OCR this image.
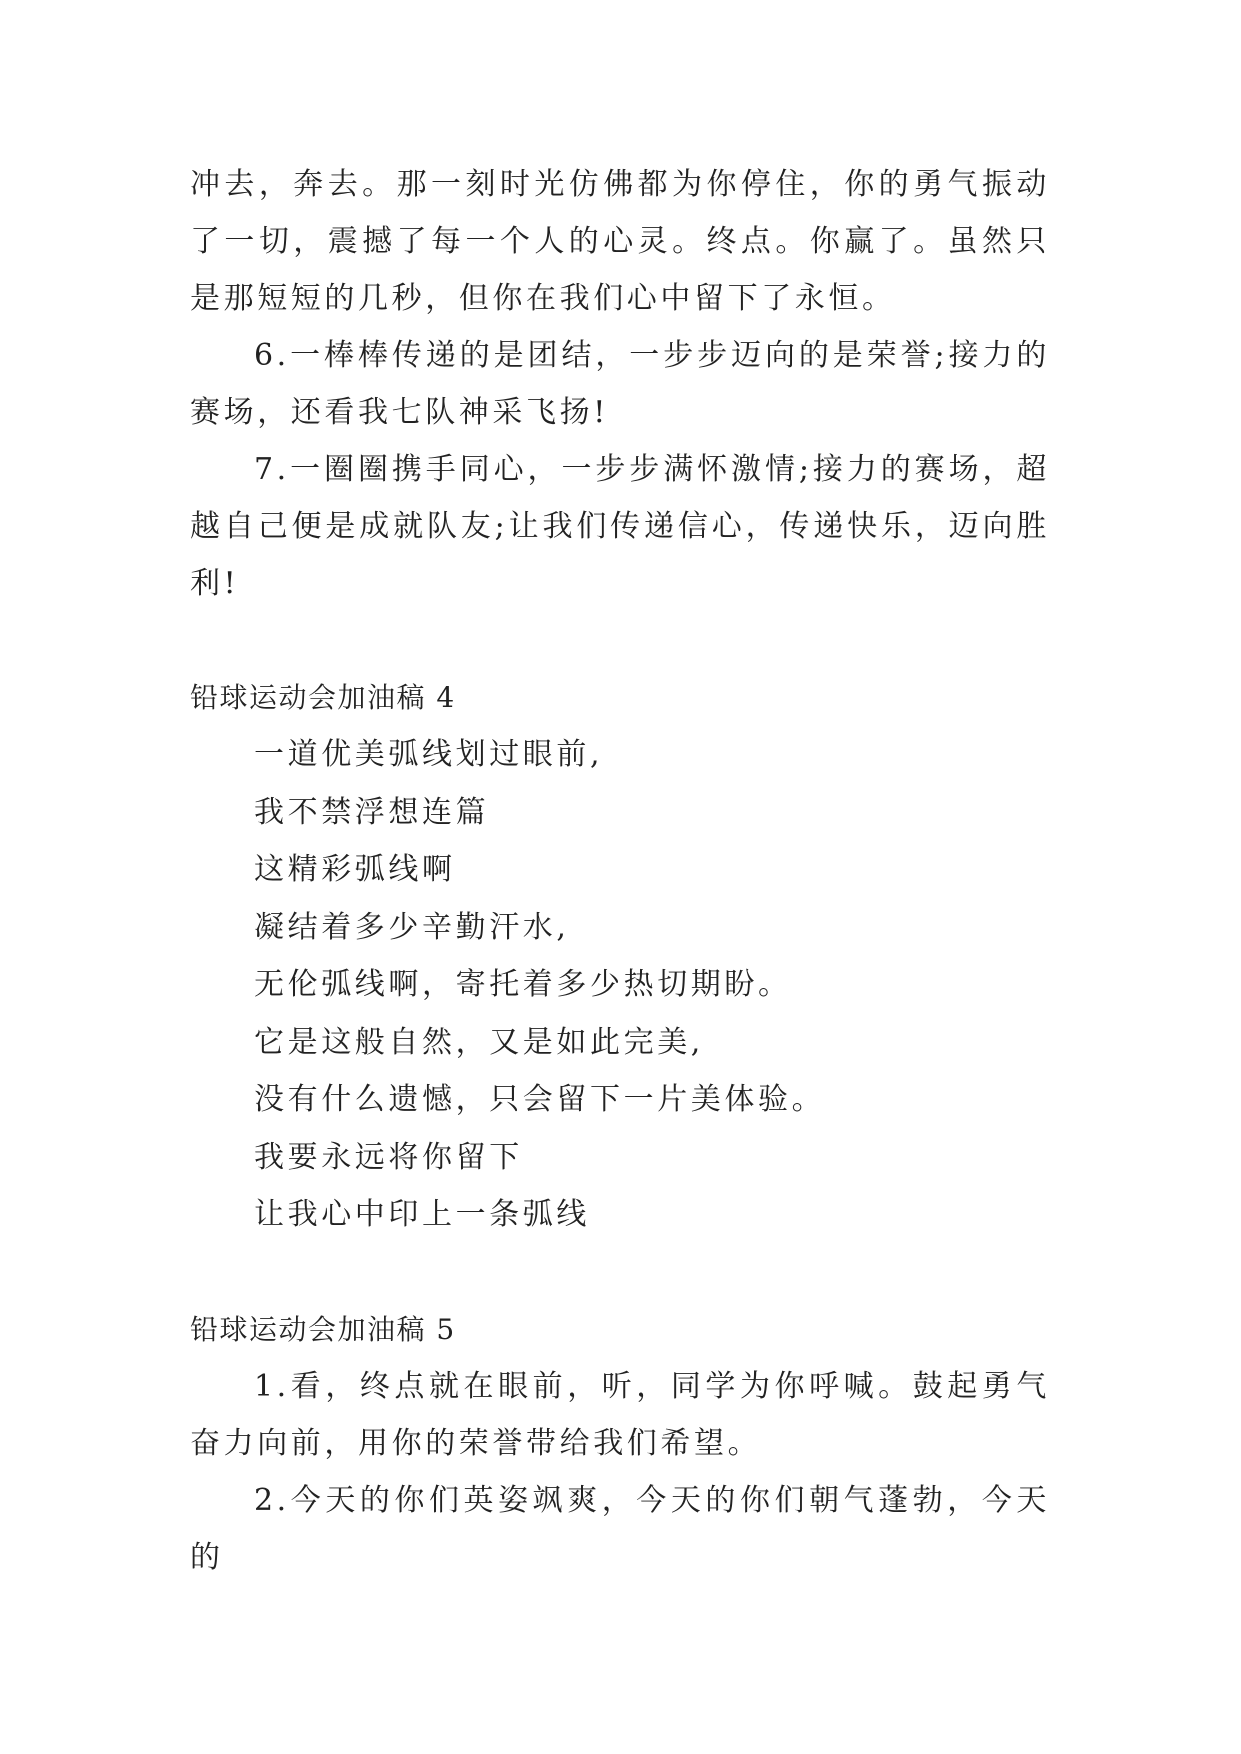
冲去，奔去。那一刻时光仿佛都为你停住，你的勇气振动了一切，震撼了每一个人的心灵。终点。你赢了。虽然只是那短短的几秒，但你在我们心中留下了永恒。

6.一棒棒传递的是团结，一步步迈向的是荣誉;接力的赛场，还看我七队神采飞扬!

7.一圈圈携手同心，一步步满怀激情;接力的赛场，超越自己便是成就队友;让我们传递信心，传递快乐，迈向胜利!

铅球运动会加油稿 4

一道优美弧线划过眼前,

我不禁浮想连篇

这精彩弧线啊

凝结着多少辛勤汗水,

无伦弧线啊，寄托着多少热切期盼。

它是这般自然，又是如此完美,

没有什么遗憾，只会留下一片美体验。

我要永远将你留下

让我心中印上一条弧线

铅球运动会加油稿 5

1.看，终点就在眼前，听，同学为你呼喊。鼓起勇气奋力向前，用你的荣誉带给我们希望。

2.今天的你们英姿飒爽，今天的你们朝气蓬勃，今天的
